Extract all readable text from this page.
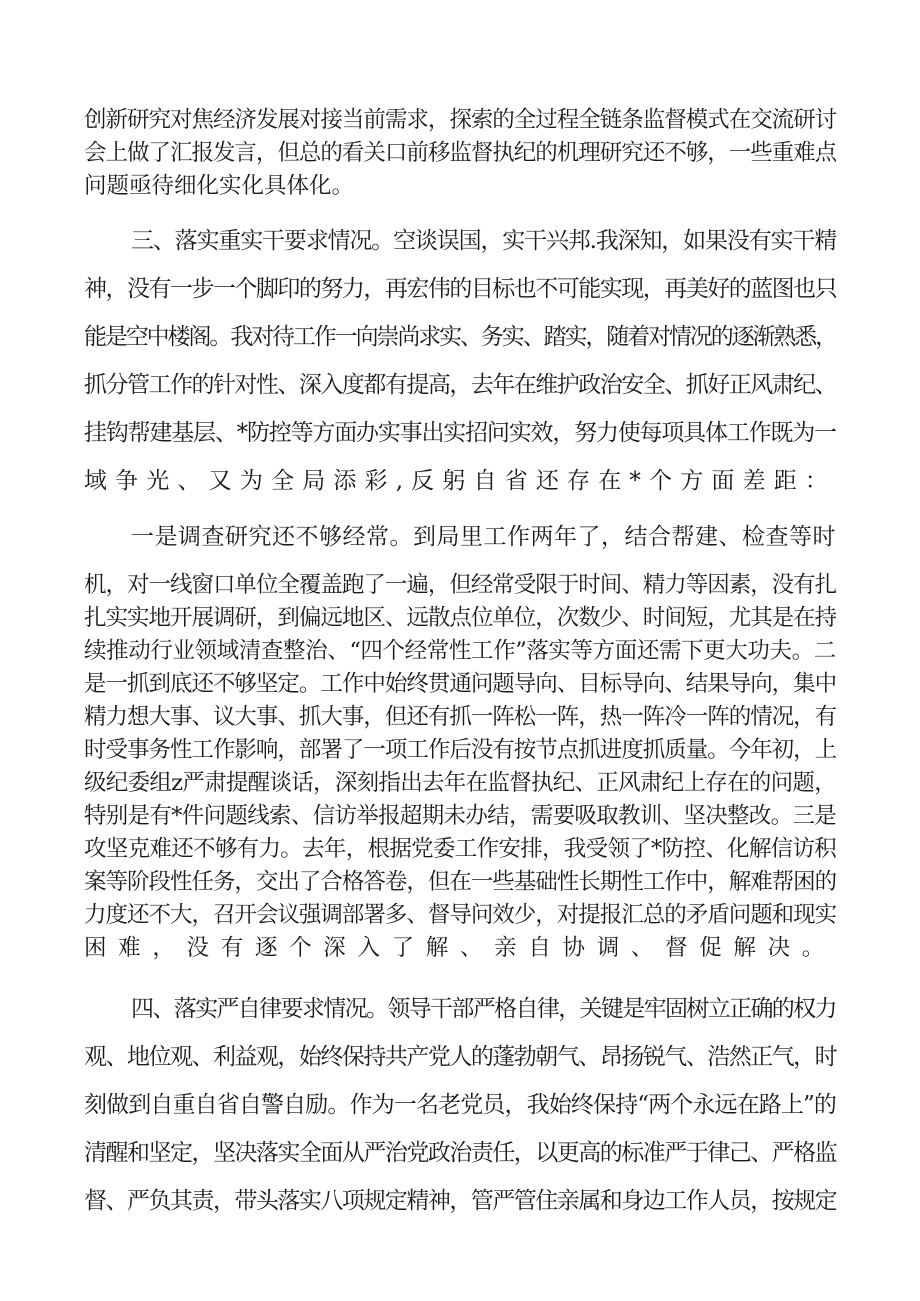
创新研究对焦经济发展对接当前需求，探索的全过程全链条监督模式在交流研讨
会上做了汇报发言，但总的看关口前移监督执纪的机理研究还不够，一些重难点
问题亟待细化实化具体化。
三、落实重实干要求情况。空谈误国，实干兴邦.我深知，如果没有实干精
神，没有一步一个脚印的努力，再宏伟的目标也不可能实现，再美好的蓝图也只
能是空中楼阁。我对待工作一向崇尚求实、务实、踏实，随着对情况的逐渐熟悉，
抓分管工作的针对性、深入度都有提高，去年在维护政治安全、抓好正风肃纪、
挂钩帮建基层、*防控等方面办实事出实招问实效，努力使每项具体工作既为一
域争光、又为全局添彩,反躬自省还存在*个方面差距：
一是调查研究还不够经常。到局里工作两年了，结合帮建、检查等时
机，对一线窗口单位全覆盖跑了一遍，但经常受限于时间、精力等因素，没有扎
扎实实地开展调研，到偏远地区、远散点位单位，次数少、时间短，尤其是在持
续推动行业领域清查整治、“四个经常性工作”落实等方面还需下更大功夫。二
是一抓到底还不够坚定。工作中始终贯通问题导向、目标导向、结果导向，集中
精力想大事、议大事、抓大事，但还有抓一阵松一阵，热一阵冷一阵的情况，有
时受事务性工作影响，部署了一项工作后没有按节点抓进度抓质量。今年初，上
级纪委组z严肃提醒谈话，深刻指出去年在监督执纪、正风肃纪上存在的问题，
特别是有*件问题线索、信访举报超期未办结，需要吸取教训、坚决整改。三是
攻坚克难还不够有力。去年，根据党委工作安排，我受领了*防控、化解信访积
案等阶段性任务，交出了合格答卷，但在一些基础性长期性工作中，解难帮困的
力度还不大，召开会议强调部署多、督导问效少，对提报汇总的矛盾问题和现实
困难，没有逐个深入了解、亲自协调、督促解决。
四、落实严自律要求情况。领导干部严格自律，关键是牢固树立正确的权力
观、地位观、利益观，始终保持共产党人的蓬勃朝气、昂扬锐气、浩然正气，时
刻做到自重自省自警自励。作为一名老党员，我始终保持“两个永远在路上”的
清醒和坚定，坚决落实全面从严治党政治责任，以更高的标准严于律己、严格监
督、严负其责，带头落实八项规定精神，管严管住亲属和身边工作人员，按规定
